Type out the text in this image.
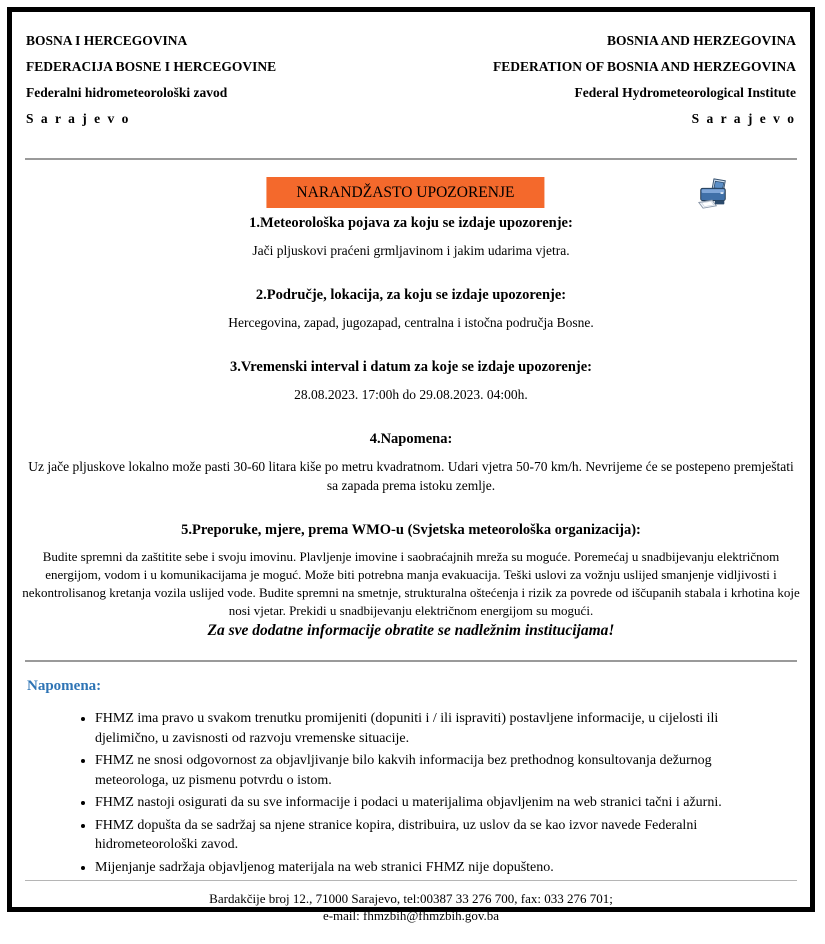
BOSNA I HERCEGOVINA
FEDERACIJA BOSNE I HERCEGOVINE
Federalni hidrometeorološki zavod
S a r a j e v o
BOSNIA AND HERZEGOVINA
FEDERATION OF BOSNIA AND HERZEGOVINA
Federal Hydrometeorological Institute
S a r a j e v o
NARANDŽASTO UPOZORENJE
1.Meteorološka pojava za koju se izdaje upozorenje:

Jači pljuskovi praćeni grmljavinom i jakim udarima vjetra.

2.Područje, lokacija, za koju se izdaje upozorenje:

Hercegovina, zapad, jugozapad, centralna i istočna područja Bosne.

3.Vremenski interval i datum za koje se izdaje upozorenje:

28.08.2023. 17:00h do 29.08.2023. 04:00h.

4.Napomena:

Uz jače pljuskove lokalno može pasti 30-60 litara kiše po metru kvadratnom. Udari vjetra 50-70 km/h. Nevrijeme će se postepeno premještati sa zapada prema istoku zemlje.

5.Preporuke, mjere, prema WMO-u (Svjetska meteorološka organizacija):

Budite spremni da zaštitite sebe i svoju imovinu. Plavljenje imovine i saobraćajnih mreža su moguće. Poremećaj u snadbijevanju električnom energijom, vodom i u komunikacijama je moguć. Može biti potrebna manja evakuacija. Teški uslovi za vožnju uslijed smanjenje vidljivosti i nekontrolisanog kretanja vozila uslijed vode. Budite spremni na smetnje, strukturalna oštećenja i rizik za povrede od iščupanih stabala i krhotina koje nosi vjetar. Prekidi u snadbijevanju električnom energijom su mogući.

Za sve dodatne informacije obratite se nadležnim institucijama!

Napomena:
• FHMZ ima pravo u svakom trenutku promijeniti (dopuniti i / ili ispraviti) postavljene informacije, u cijelosti ili djelimično, u zavisnosti od razvoju vremenske situacije.
• FHMZ ne snosi odgovornost za objavljivanje bilo kakvih informacija bez prethodnog konsultovanja dežurnog meteorologa, uz pismenu potvrdu o istom.
• FHMZ nastoji osigurati da su sve informacije i podaci u materijalima objavljenim na web stranici tačni i ažurni.
• FHMZ dopušta da se sadržaj sa njene stranice kopira, distribuira, uz uslov da se kao izvor navede Federalni hidrometeorološki zavod.
• Mijenjanje sadržaja objavljenog materijala na web stranici FHMZ nije dopušteno.
Bardakčije broj 12., 71000 Sarajevo, tel:00387 33 276 700, fax: 033 276 701;
e-mail: fhmzbih@fhmzbih.gov.ba
